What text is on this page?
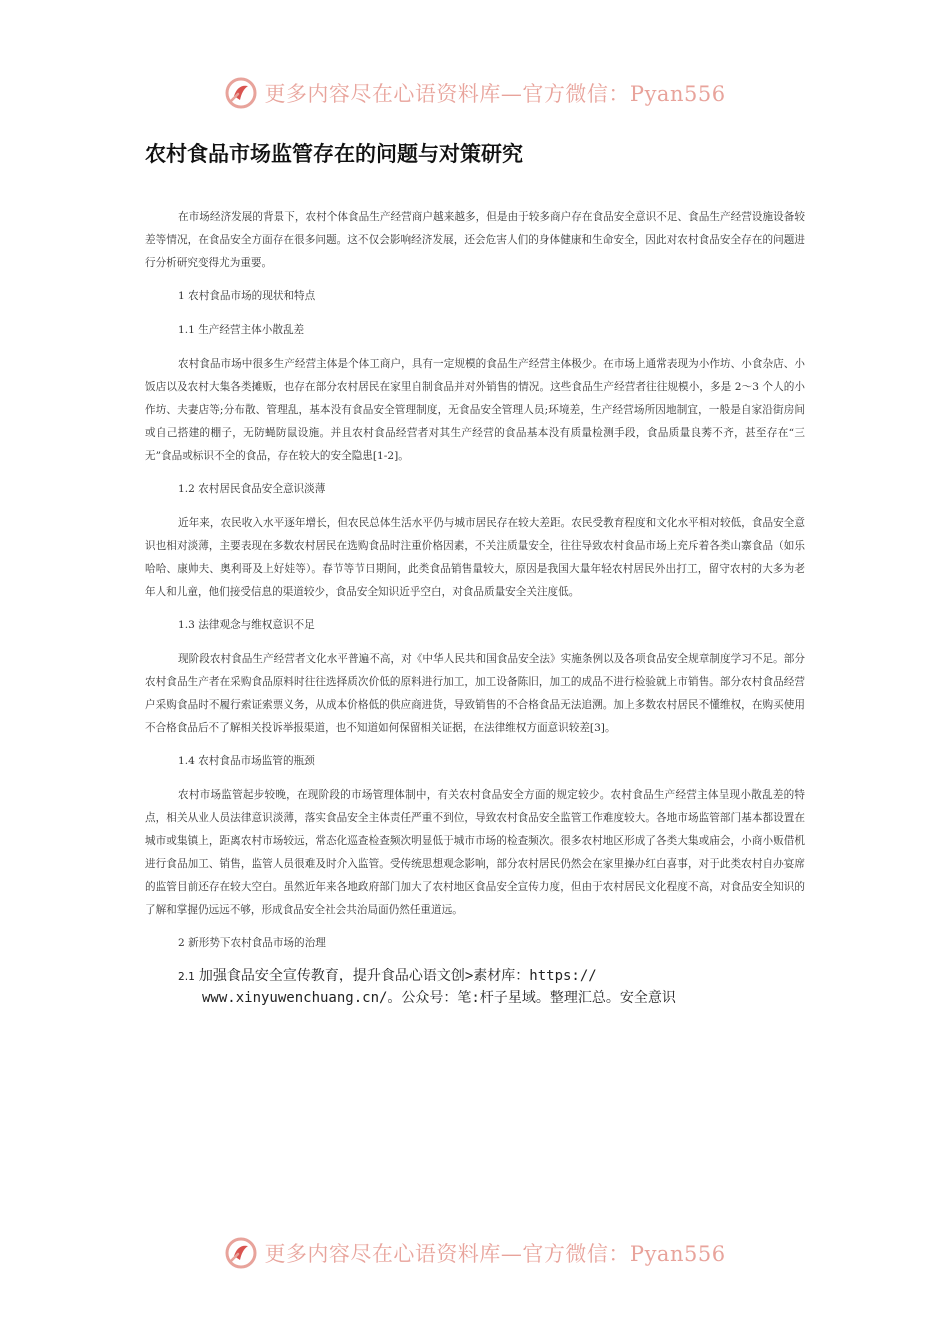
更多内容尽在心语资料库—官方微信：Pyan556
农村食品市场监管存在的问题与对策研究

在市场经济发展的背景下，农村个体食品生产经营商户越来越多，但是由于较多商户存在食品安全意识不足、食品生产经营设施设备较差等情况，在食品安全方面存在很多问题。这不仅会影响经济发展，还会危害人们的身体健康和生命安全，因此对农村食品安全存在的问题进行分析研究变得尤为重要。

1 农村食品市场的现状和特点
1.1 生产经营主体小散乱差

农村食品市场中很多生产经营主体是个体工商户，具有一定规模的食品生产经营主体极少。在市场上通常表现为小作坊、小食杂店、小饭店以及农村大集各类摊贩，也存在部分农村居民在家里自制食品并对外销售的情况。这些食品生产经营者往往规模小，多是 2～3 个人的小作坊、夫妻店等;分布散、管理乱，基本没有食品安全管理制度，无食品安全管理人员;环境差，生产经营场所因地制宜，一般是自家沿街房间或自己搭建的棚子，无防蝇防鼠设施。并且农村食品经营者对其生产经营的食品基本没有质量检测手段，食品质量良莠不齐，甚至存在“三无”食品或标识不全的食品，存在较大的安全隐患[1-2]。

1.2 农村居民食品安全意识淡薄

近年来，农民收入水平逐年增长，但农民总体生活水平仍与城市居民存在较大差距。农民受教育程度和文化水平相对较低，食品安全意识也相对淡薄，主要表现在多数农村居民在选购食品时注重价格因素，不关注质量安全，往往导致农村食品市场上充斥着各类山寨食品（如乐哈哈、康帅夫、奥利哥及上好娃等）。春节等节日期间，此类食品销售量较大，原因是我国大量年轻农村居民外出打工，留守农村的大多为老年人和儿童，他们接受信息的渠道较少，食品安全知识近乎空白，对食品质量安全关注度低。

1.3 法律观念与维权意识不足

现阶段农村食品生产经营者文化水平普遍不高，对《中华人民共和国食品安全法》实施条例以及各项食品安全规章制度学习不足。部分农村食品生产者在采购食品原料时往往选择质次价低的原料进行加工，加工设备陈旧，加工的成品不进行检验就上市销售。部分农村食品经营户采购食品时不履行索证索票义务，从成本价格低的供应商进货，导致销售的不合格食品无法追溯。加上多数农村居民不懂维权，在购买使用不合格食品后不了解相关投诉举报渠道，也不知道如何保留相关证据，在法律维权方面意识较差[3]。

1.4 农村食品市场监管的瓶颈

农村市场监管起步较晚，在现阶段的市场管理体制中，有关农村食品安全方面的规定较少。农村食品生产经营主体呈现小散乱差的特点，相关从业人员法律意识淡薄，落实食品安全主体责任严重不到位，导致农村食品安全监管工作难度较大。各地市场监管部门基本都设置在城市或集镇上，距离农村市场较远，常态化巡查检查频次明显低于城市市场的检查频次。很多农村地区形成了各类大集或庙会，小商小贩借机进行食品加工、销售，监管人员很难及时介入监管。受传统思想观念影响，部分农村居民仍然会在家里操办红白喜事，对于此类农村自办宴席的监管目前还存在较大空白。虽然近年来各地政府部门加大了农村地区食品安全宣传力度，但由于农村居民文化程度不高，对食品安全知识的了解和掌握仍远远不够，形成食品安全社会共治局面仍然任重道远。

2 新形势下农村食品市场的治理
2.1 加强食品安全宣传教育，提升食品心语文创>素材库：https://
www.xinyuwenchuang.cn/。公众号：笔:杆子星域。整理汇总。安全意识
更多内容尽在心语资料库—官方微信：Pyan556
